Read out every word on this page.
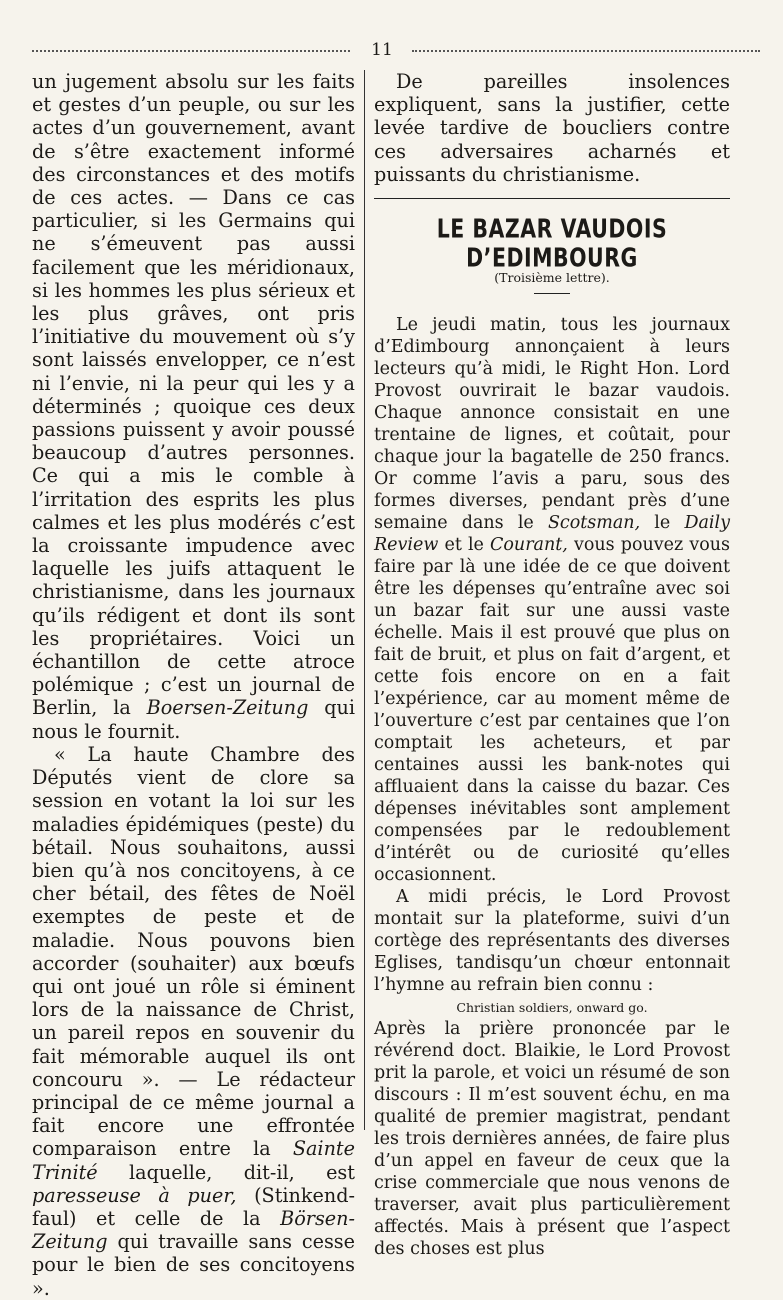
11

un jugement absolu sur les faits et gestes d’un peuple, ou sur les actes d’un gouvernement, avant de s’être exactement informé des circonstances et des motifs de ces actes. — Dans ce cas particulier, si les Germains qui ne s’émeuvent pas aussi facilement que les méridionaux, si les hommes les plus sérieux et les plus grâves, ont pris l’initiative du mouvement où s’y sont laissés envelopper, ce n’est ni l’envie, ni la peur qui les y a déterminés ; quoique ces deux passions puissent y avoir poussé beaucoup d’autres personnes. Ce qui a mis le comble à l’irritation des esprits les plus calmes et les plus modérés c’est la croissante impudence avec laquelle les juifs attaquent le christianisme, dans les journaux qu’ils rédigent et dont ils sont les propriétaires. Voici un échantillon de cette atroce polémique ; c’est un journal de Berlin, la Boersen-Zeitung qui nous le fournit.

« La haute Chambre des Députés vient de clore sa session en votant la loi sur les maladies épidémiques (peste) du bétail. Nous souhaitons, aussi bien qu’à nos concitoyens, à ce cher bétail, des fêtes de Noël exemptes de peste et de maladie. Nous pouvons bien accorder (souhaiter) aux bœufs qui ont joué un rôle si éminent lors de la naissance de Christ, un pareil repos en souvenir du fait mémorable auquel ils ont concouru ». — Le rédacteur principal de ce même journal a fait encore une effrontée comparaison entre la Sainte Trinité laquelle, dit-il, est paresseuse à puer, (Stinkend-faul) et celle de la Börsen-Zeitung qui travaille sans cesse pour le bien de ses concitoyens ».

De pareilles insolences expliquent, sans la justifier, cette levée tardive de boucliers contre ces adversaires acharnés et puissants du christianisme.

LE BAZAR VAUDOIS D’EDIMBOURG
(Troisième lettre).

Le jeudi matin, tous les journaux d’Edimbourg annonçaient à leurs lecteurs qu’à midi, le Right Hon. Lord Provost ouvrirait le bazar vaudois. Chaque annonce consistait en une trentaine de lignes, et coûtait, pour chaque jour la bagatelle de 250 francs. Or comme l’avis a paru, sous des formes diverses, pendant près d’une semaine dans le Scotsman, le Daily Review et le Courant, vous pouvez vous faire par là une idée de ce que doivent être les dépenses qu’entraîne avec soi un bazar fait sur une aussi vaste échelle. Mais il est prouvé que plus on fait de bruit, et plus on fait d’argent, et cette fois encore on en a fait l’expérience, car au moment même de l’ouverture c’est par centaines que l’on comptait les acheteurs, et par centaines aussi les bank-notes qui affluaient dans la caisse du bazar. Ces dépenses inévitables sont amplement compensées par le redoublement d’intérêt ou de curiosité qu’elles occasionnent.

A midi précis, le Lord Provost montait sur la plateforme, suivi d’un cortège des représentants des diverses Eglises, tandisqu’un chœur entonnait l’hymne au refrain bien connu :

Christian soldiers, onward go.

Après la prière prononcée par le révérend doct. Blaikie, le Lord Provost prit la parole, et voici un résumé de son discours : Il m’est souvent échu, en ma qualité de premier magistrat, pendant les trois dernières années, de faire plus d’un appel en faveur de ceux que la crise commerciale que nous venons de traverser, avait plus particulièrement affectés. Mais à présent que l’aspect des choses est plus
